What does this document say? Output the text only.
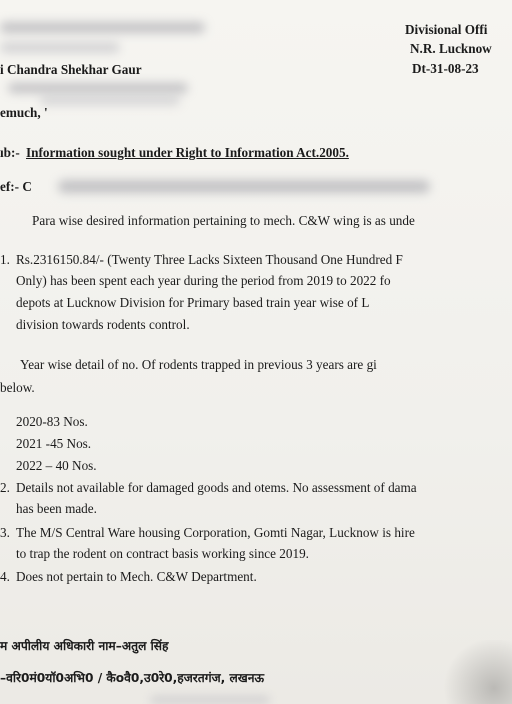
Divisional Offi
N.R. Lucknow
Dt-31-08-23
i Chandra Shekhar Gaur
emuch, '
ıb:- Information sought under Right to Information Act.2005.
ef:- C
Para wise desired information pertaining to mech. C&W wing is as unde
1. Rs.2316150.84/- (Twenty Three Lacks Sixteen Thousand One Hundred F
Only) has been spent each year during the period from 2019 to 2022 fo
depots at Lucknow Division for Primary based train year wise of L
division towards rodents control.
Year wise detail of no. Of rodents trapped in previous 3 years are gi
below.
2020-83 Nos.
2021 -45 Nos.
2022 – 40 Nos.
2. Details not available for damaged goods and otems. No assessment of dama
has been made.
3. The M/S Central Ware housing Corporation, Gomti Nagar, Lucknow is hire
to trap the rodent on contract basis working since 2019.
4. Does not pertain to Mech. C&W Department.
म अपीलीय अधिकारी नाम–अतुल सिंह
–वरि0मं0यॉ0अभि0 / कैoवै0,उ0रे0,हजरतगंज, लखनऊ
